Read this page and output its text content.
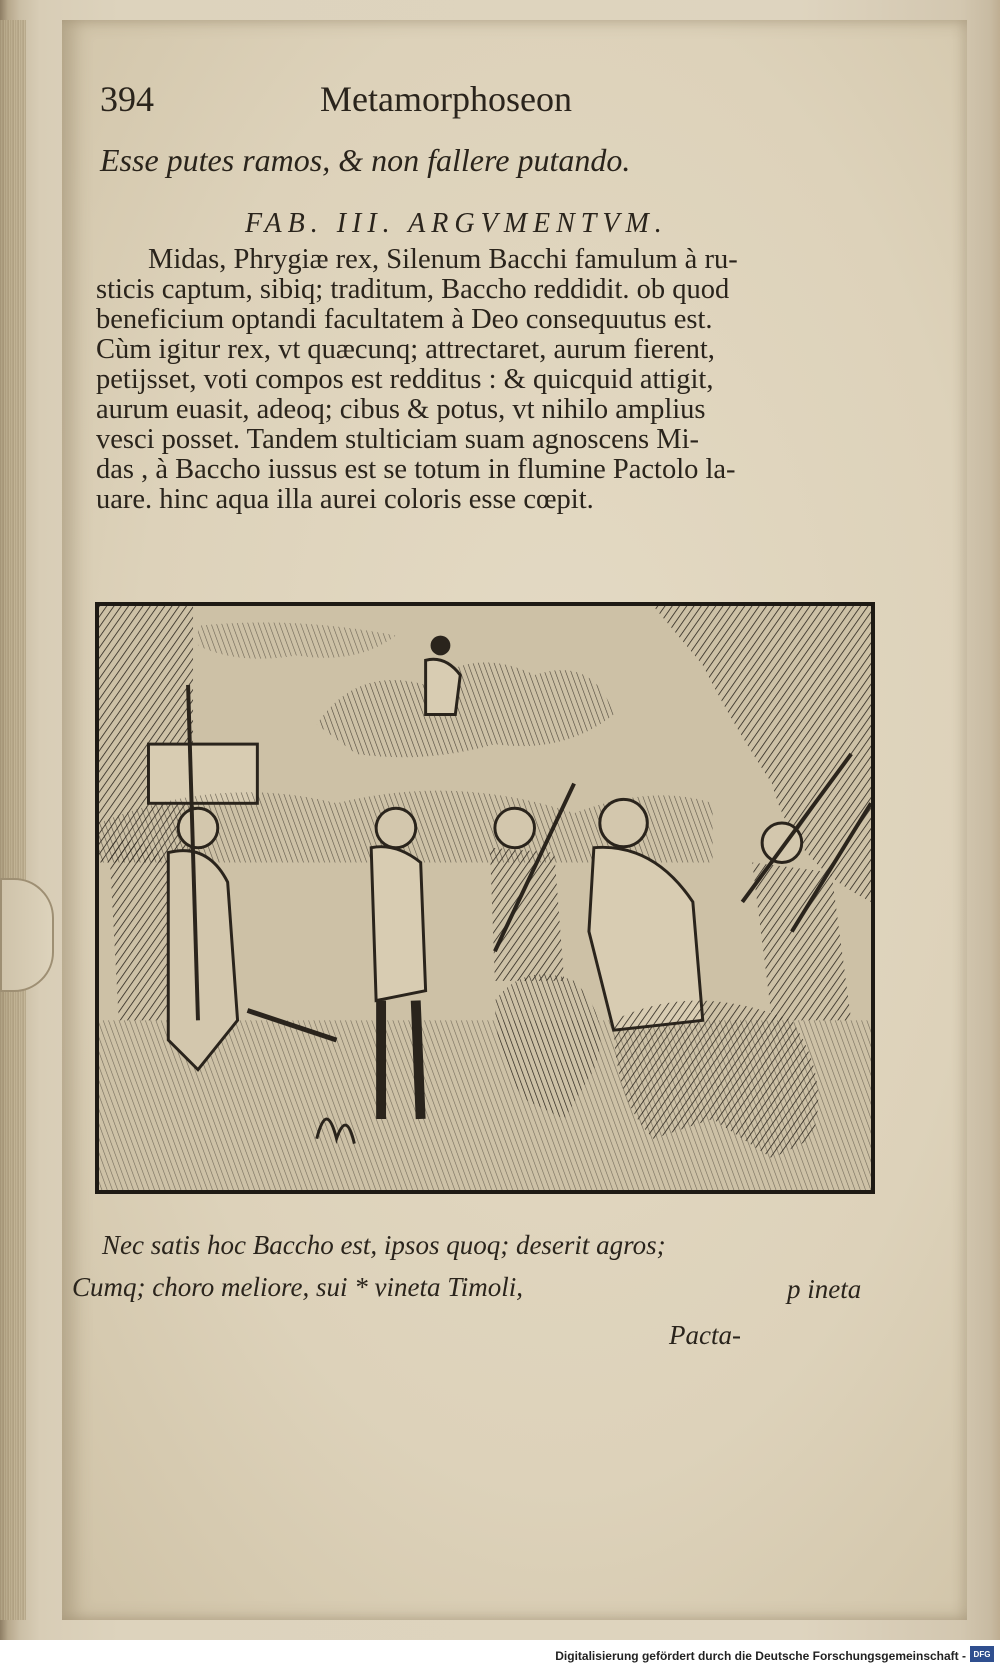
394	Metamorphoseon
Esse putes ramos, & non fallere putando.
FAB. III. ARGVMENTVM.
Midas, Phrygiæ rex, Silenum Bacchi famulum à ru-
sticis captum, sibiq; traditum, Baccho reddidit. ob quod
beneficium optandi facultatem à Deo consequutus est.
Cùm igitur rex, vt quæcunq; attrectaret, aurum fierent,
petijsset, voti compos est redditus : & quicquid attigit,
aurum euasit, adeoq; cibus & potus, vt nihilo amplius
vesci posset. Tandem stulticiam suam agnoscens Mi-
das , à Baccho iussus est se totum in flumine Pactolo la-
uare. hinc aqua illa aurei coloris esse cœpit.
Nec satis hoc Baccho est, ipsos quoq; deserit agros;
Cumq; choro meliore, sui * vineta Timoli,	p ineta
Pacta-
Digitalisierung gefördert durch die Deutsche Forschungsgemeinschaft - DFG
